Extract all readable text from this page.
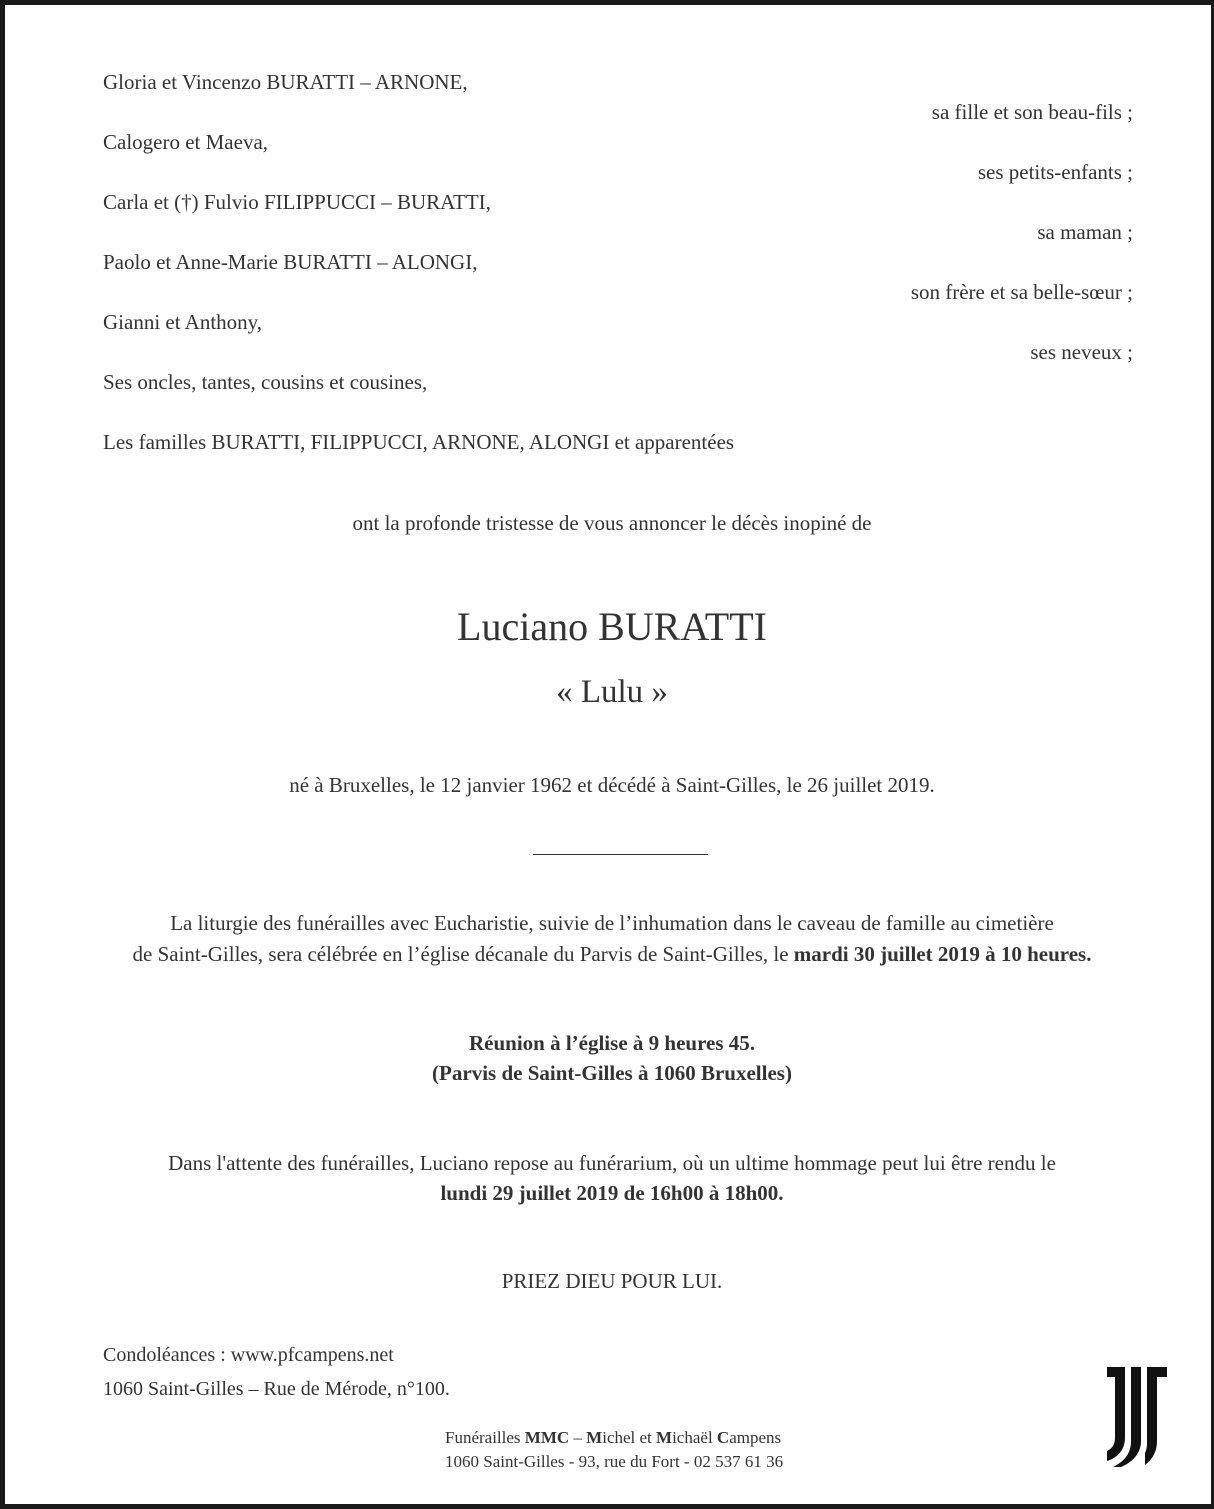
Gloria et Vincenzo BURATTI – ARNONE,
sa fille et son beau-fils ;
Calogero et Maeva,
ses petits-enfants ;
Carla et (†) Fulvio FILIPPUCCI – BURATTI,
sa maman ;
Paolo et Anne-Marie BURATTI – ALONGI,
son frère et sa belle-sœur ;
Gianni et Anthony,
ses neveux ;
Ses oncles, tantes, cousins et cousines,
Les familles BURATTI, FILIPPUCCI, ARNONE, ALONGI et apparentées
ont la profonde tristesse de vous annoncer le décès inopiné de
Luciano BURATTI
« Lulu »
né à Bruxelles, le 12 janvier 1962 et décédé à Saint-Gilles, le 26 juillet 2019.
La liturgie des funérailles avec Eucharistie, suivie de l’inhumation dans le caveau de famille au cimetière
de Saint-Gilles, sera célébrée en l’église décanale du Parvis de Saint-Gilles, le mardi 30 juillet 2019 à 10 heures.
Réunion à l’église à 9 heures 45.
(Parvis de Saint-Gilles à 1060 Bruxelles)
Dans l'attente des funérailles, Luciano repose au funérarium, où un ultime hommage peut lui être rendu le
lundi 29 juillet 2019 de 16h00 à 18h00.
PRIEZ DIEU POUR LUI.
Condoléances : www.pfcampens.net
1060 Saint-Gilles – Rue de Mérode, n°100.
Funérailles MMC – Michel et Michaël Campens
1060 Saint-Gilles - 93, rue du Fort - 02 537 61 36
